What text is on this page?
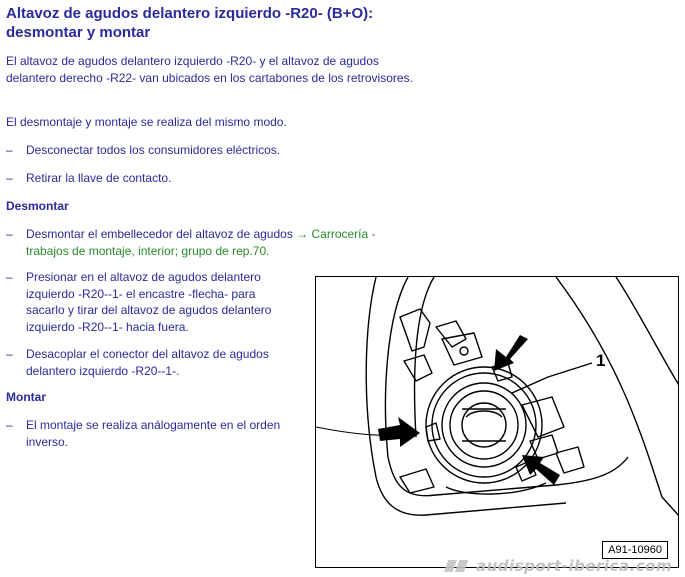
Altavoz de agudos delantero izquierdo -R20- (B+O): desmontar y montar

El altavoz de agudos delantero izquierdo -R20- y el altavoz de agudos delantero derecho -R22- van ubicados en los cartabones de los retrovisores.

El desmontaje y montaje se realiza del mismo modo.

– Desconectar todos los consumidores eléctricos.
– Retirar la llave de contacto.
Desmontar
– Desmontar el embellecedor del altavoz de agudos → Carrocería -
trabajos de montaje, interior; grupo de rep.70.
– Presionar en el altavoz de agudos delantero
izquierdo -R20--1- el encastre -flecha- para
sacarlo y tirar del altavoz de agudos delantero
izquierdo -R20--1- hacia fuera.
– Desacoplar el conector del altavoz de agudos
delantero izquierdo -R20--1-.
Montar
– El montaje se realiza análogamente en el orden
inverso.
1
A91-10960
audisport-iberica.com
